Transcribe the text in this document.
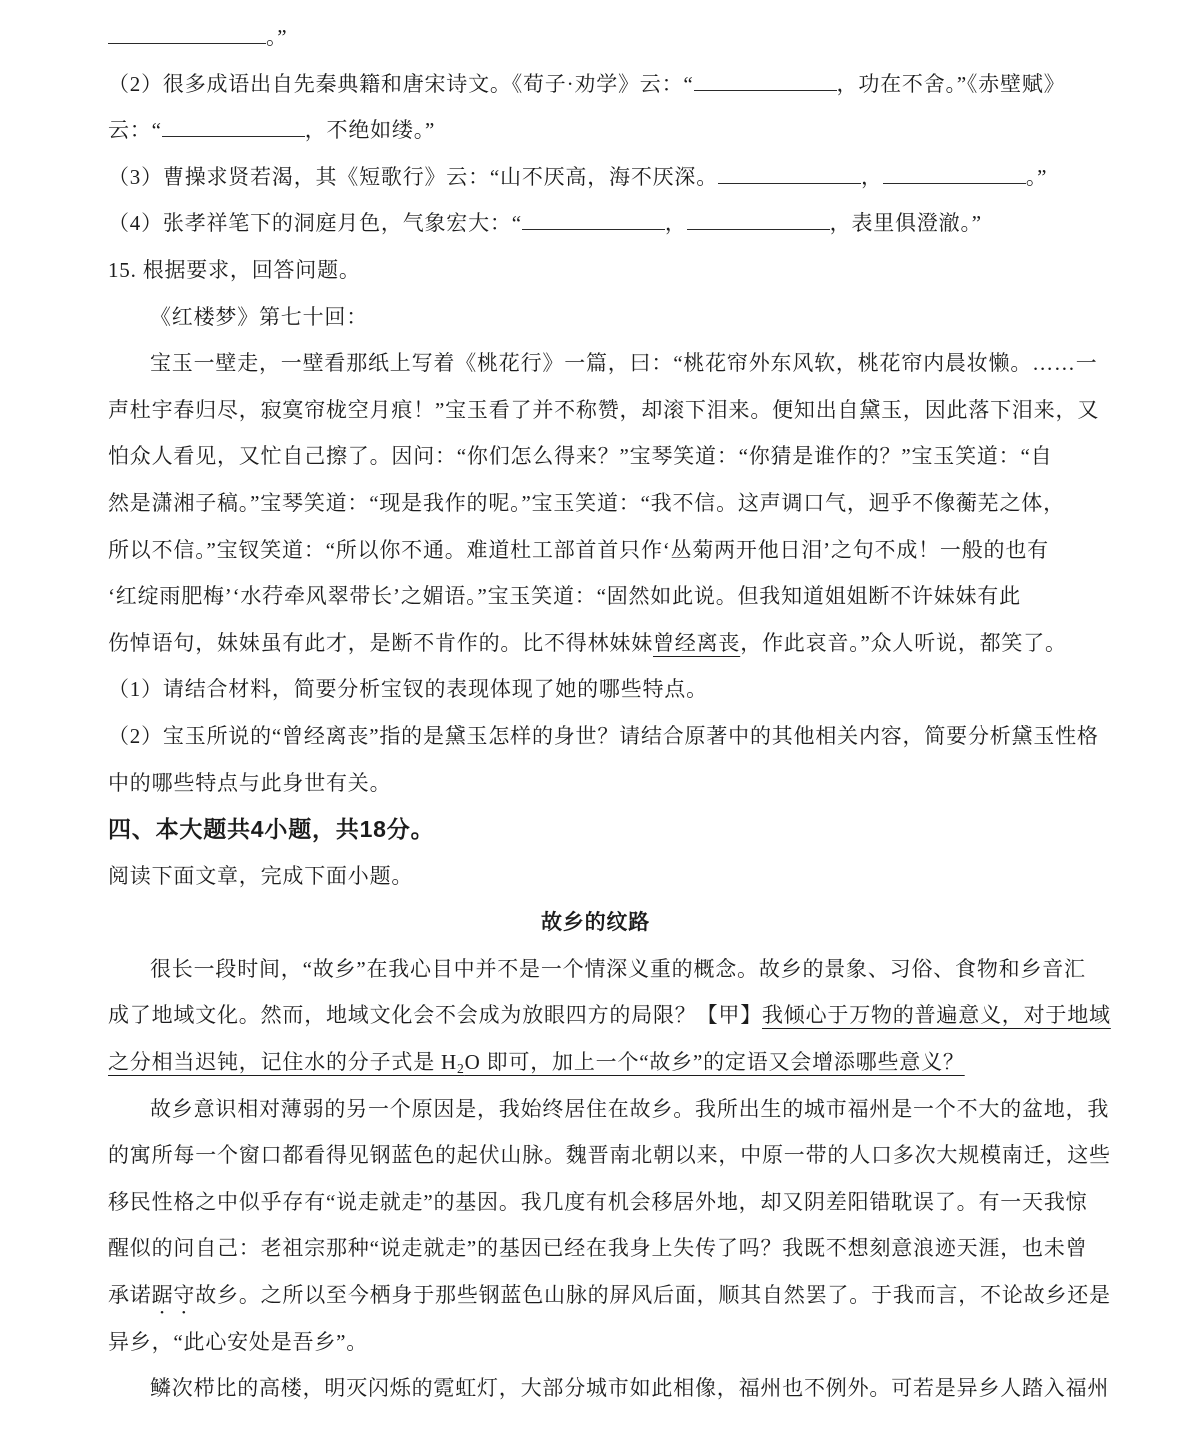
。”
（2）很多成语出自先秦典籍和唐宋诗文。《荀子·劝学》云：“	，功在不舍。”《赤壁赋》
云：“	，不绝如缕。”
（3）曹操求贤若渴，其《短歌行》云：“山不厌高，海不厌深。	，	。”
（4）张孝祥笔下的洞庭月色，气象宏大：“	，	，表里俱澄澈。”
15. 根据要求，回答问题。
《红楼梦》第七十回：
宝玉一壁走，一壁看那纸上写着《桃花行》一篇，曰：“桃花帘外东风软，桃花帘内晨妆懒。……一
声杜宇春归尽，寂寞帘栊空月痕！”宝玉看了并不称赞，却滚下泪来。便知出自黛玉，因此落下泪来，又
怕众人看见，又忙自己擦了。因问：“你们怎么得来？”宝琴笑道：“你猜是谁作的？”宝玉笑道：“自
然是潇湘子稿。”宝琴笑道：“现是我作的呢。”宝玉笑道：“我不信。这声调口气，迥乎不像蘅芜之体，
所以不信。”宝钗笑道：“所以你不通。难道杜工部首首只作‘丛菊两开他日泪’之句不成！一般的也有
‘红绽雨肥梅’‘水荇牵风翠带长’之媚语。”宝玉笑道：“固然如此说。但我知道姐姐断不许妹妹有此
伤悼语句，妹妹虽有此才，是断不肯作的。比不得林妹妹曾经离丧，作此哀音。”众人听说，都笑了。
（1）请结合材料，简要分析宝钗的表现体现了她的哪些特点。
（2）宝玉所说的“曾经离丧”指的是黛玉怎样的身世？请结合原著中的其他相关内容，简要分析黛玉性格
中的哪些特点与此身世有关。
四、本大题共4小题，共18分。
阅读下面文章，完成下面小题。
故乡的纹路
很长一段时间，“故乡”在我心目中并不是一个情深义重的概念。故乡的景象、习俗、食物和乡音汇
成了地域文化。然而，地域文化会不会成为放眼四方的局限？【甲】我倾心于万物的普遍意义，对于地域
之分相当迟钝，记住水的分子式是 H2O 即可，加上一个“故乡”的定语又会增添哪些意义？
故乡意识相对薄弱的另一个原因是，我始终居住在故乡。我所出生的城市福州是一个不大的盆地，我
的寓所每一个窗口都看得见钢蓝色的起伏山脉。魏晋南北朝以来，中原一带的人口多次大规模南迁，这些
移民性格之中似乎存有“说走就走”的基因。我几度有机会移居外地，却又阴差阳错耽误了。有一天我惊
醒似的问自己：老祖宗那种“说走就走”的基因已经在我身上失传了吗？我既不想刻意浪迹天涯，也未曾
承诺踞守故乡。之所以至今栖身于那些钢蓝色山脉的屏风后面，顺其自然罢了。于我而言，不论故乡还是
异乡，“此心安处是吾乡”。
鳞次栉比的高楼，明灭闪烁的霓虹灯，大部分城市如此相像，福州也不例外。可若是异乡人踏入福州
